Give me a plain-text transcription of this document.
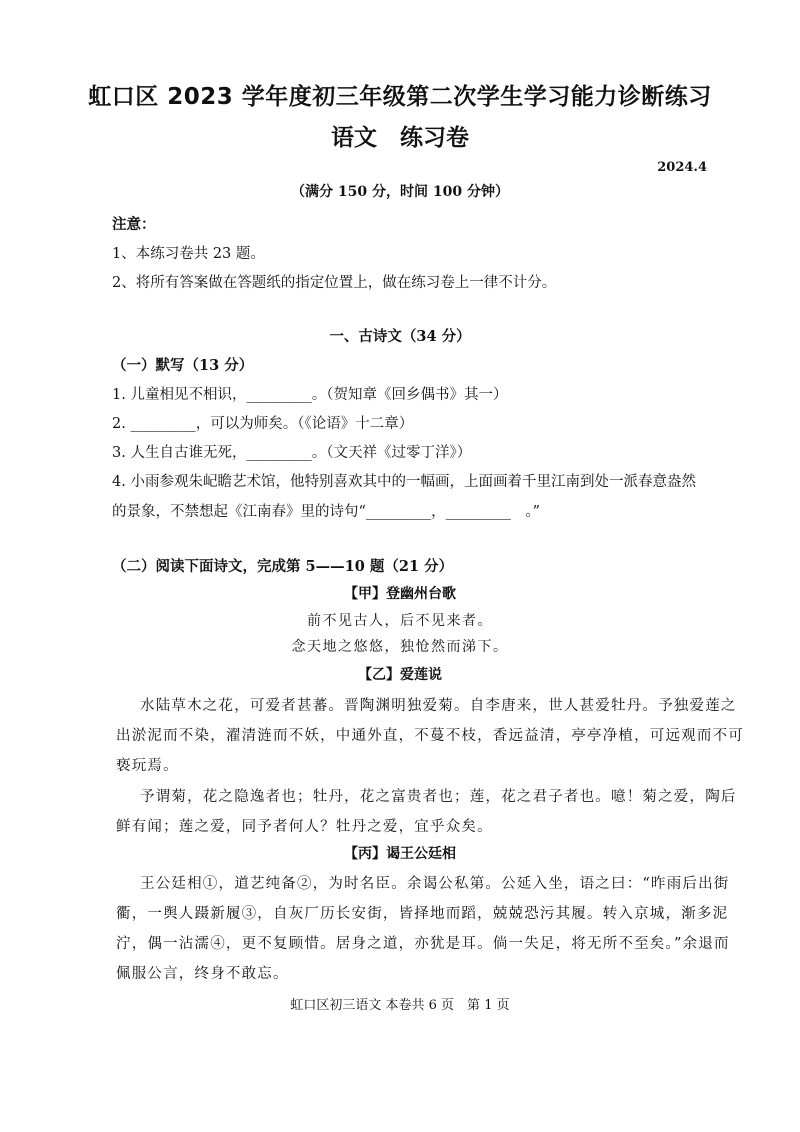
虹口区 2023 学年度初三年级第二次学生学习能力诊断练习
语文　练习卷
2024.4
（满分 150 分，时间 100 分钟）
注意：
1、本练习卷共 23 题。
2、将所有答案做在答题纸的指定位置上，做在练习卷上一律不计分。
一、古诗文（34 分）
（一）默写（13 分）
1. 儿童相见不相识，_________。（贺知章《回乡偶书》其一）
2. _________，可以为师矣。（《论语》十二章）
3. 人生自古谁无死，_________。（文天祥《过零丁洋》）
4. 小雨参观朱屺瞻艺术馆，他特别喜欢其中的一幅画，上面画着千里江南到处一派春意盎然
的景象，不禁想起《江南春》里的诗句“_________，_________　。”
（二）阅读下面诗文，完成第 5——10 题（21 分）
【甲】登幽州台歌
前不见古人，后不见来者。
念天地之悠悠，独怆然而涕下。
【乙】爱莲说
水陆草木之花，可爱者甚蕃。晋陶渊明独爱菊。自李唐来，世人甚爱牡丹。予独爱莲之
出淤泥而不染，濯清涟而不妖，中通外直，不蔓不枝，香远益清，亭亭净植，可远观而不可
亵玩焉。
予谓菊，花之隐逸者也；牡丹，花之富贵者也；莲，花之君子者也。噫！菊之爱，陶后
鲜有闻；莲之爱，同予者何人？牡丹之爱，宜乎众矣。
【丙】谒王公廷相
王公廷相①，道艺纯备②，为时名臣。余谒公私第。公延入坐，语之曰：“昨雨后出街
衢，一舆人蹑新履③，自灰厂历长安街，皆择地而蹈，兢兢恐污其履。转入京城，渐多泥
泞，偶一沾濡④，更不复顾惜。居身之道，亦犹是耳。倘一失足，将无所不至矣。”余退而
佩服公言，终身不敢忘。
虹口区初三语文 本卷共 6 页　第 1 页
